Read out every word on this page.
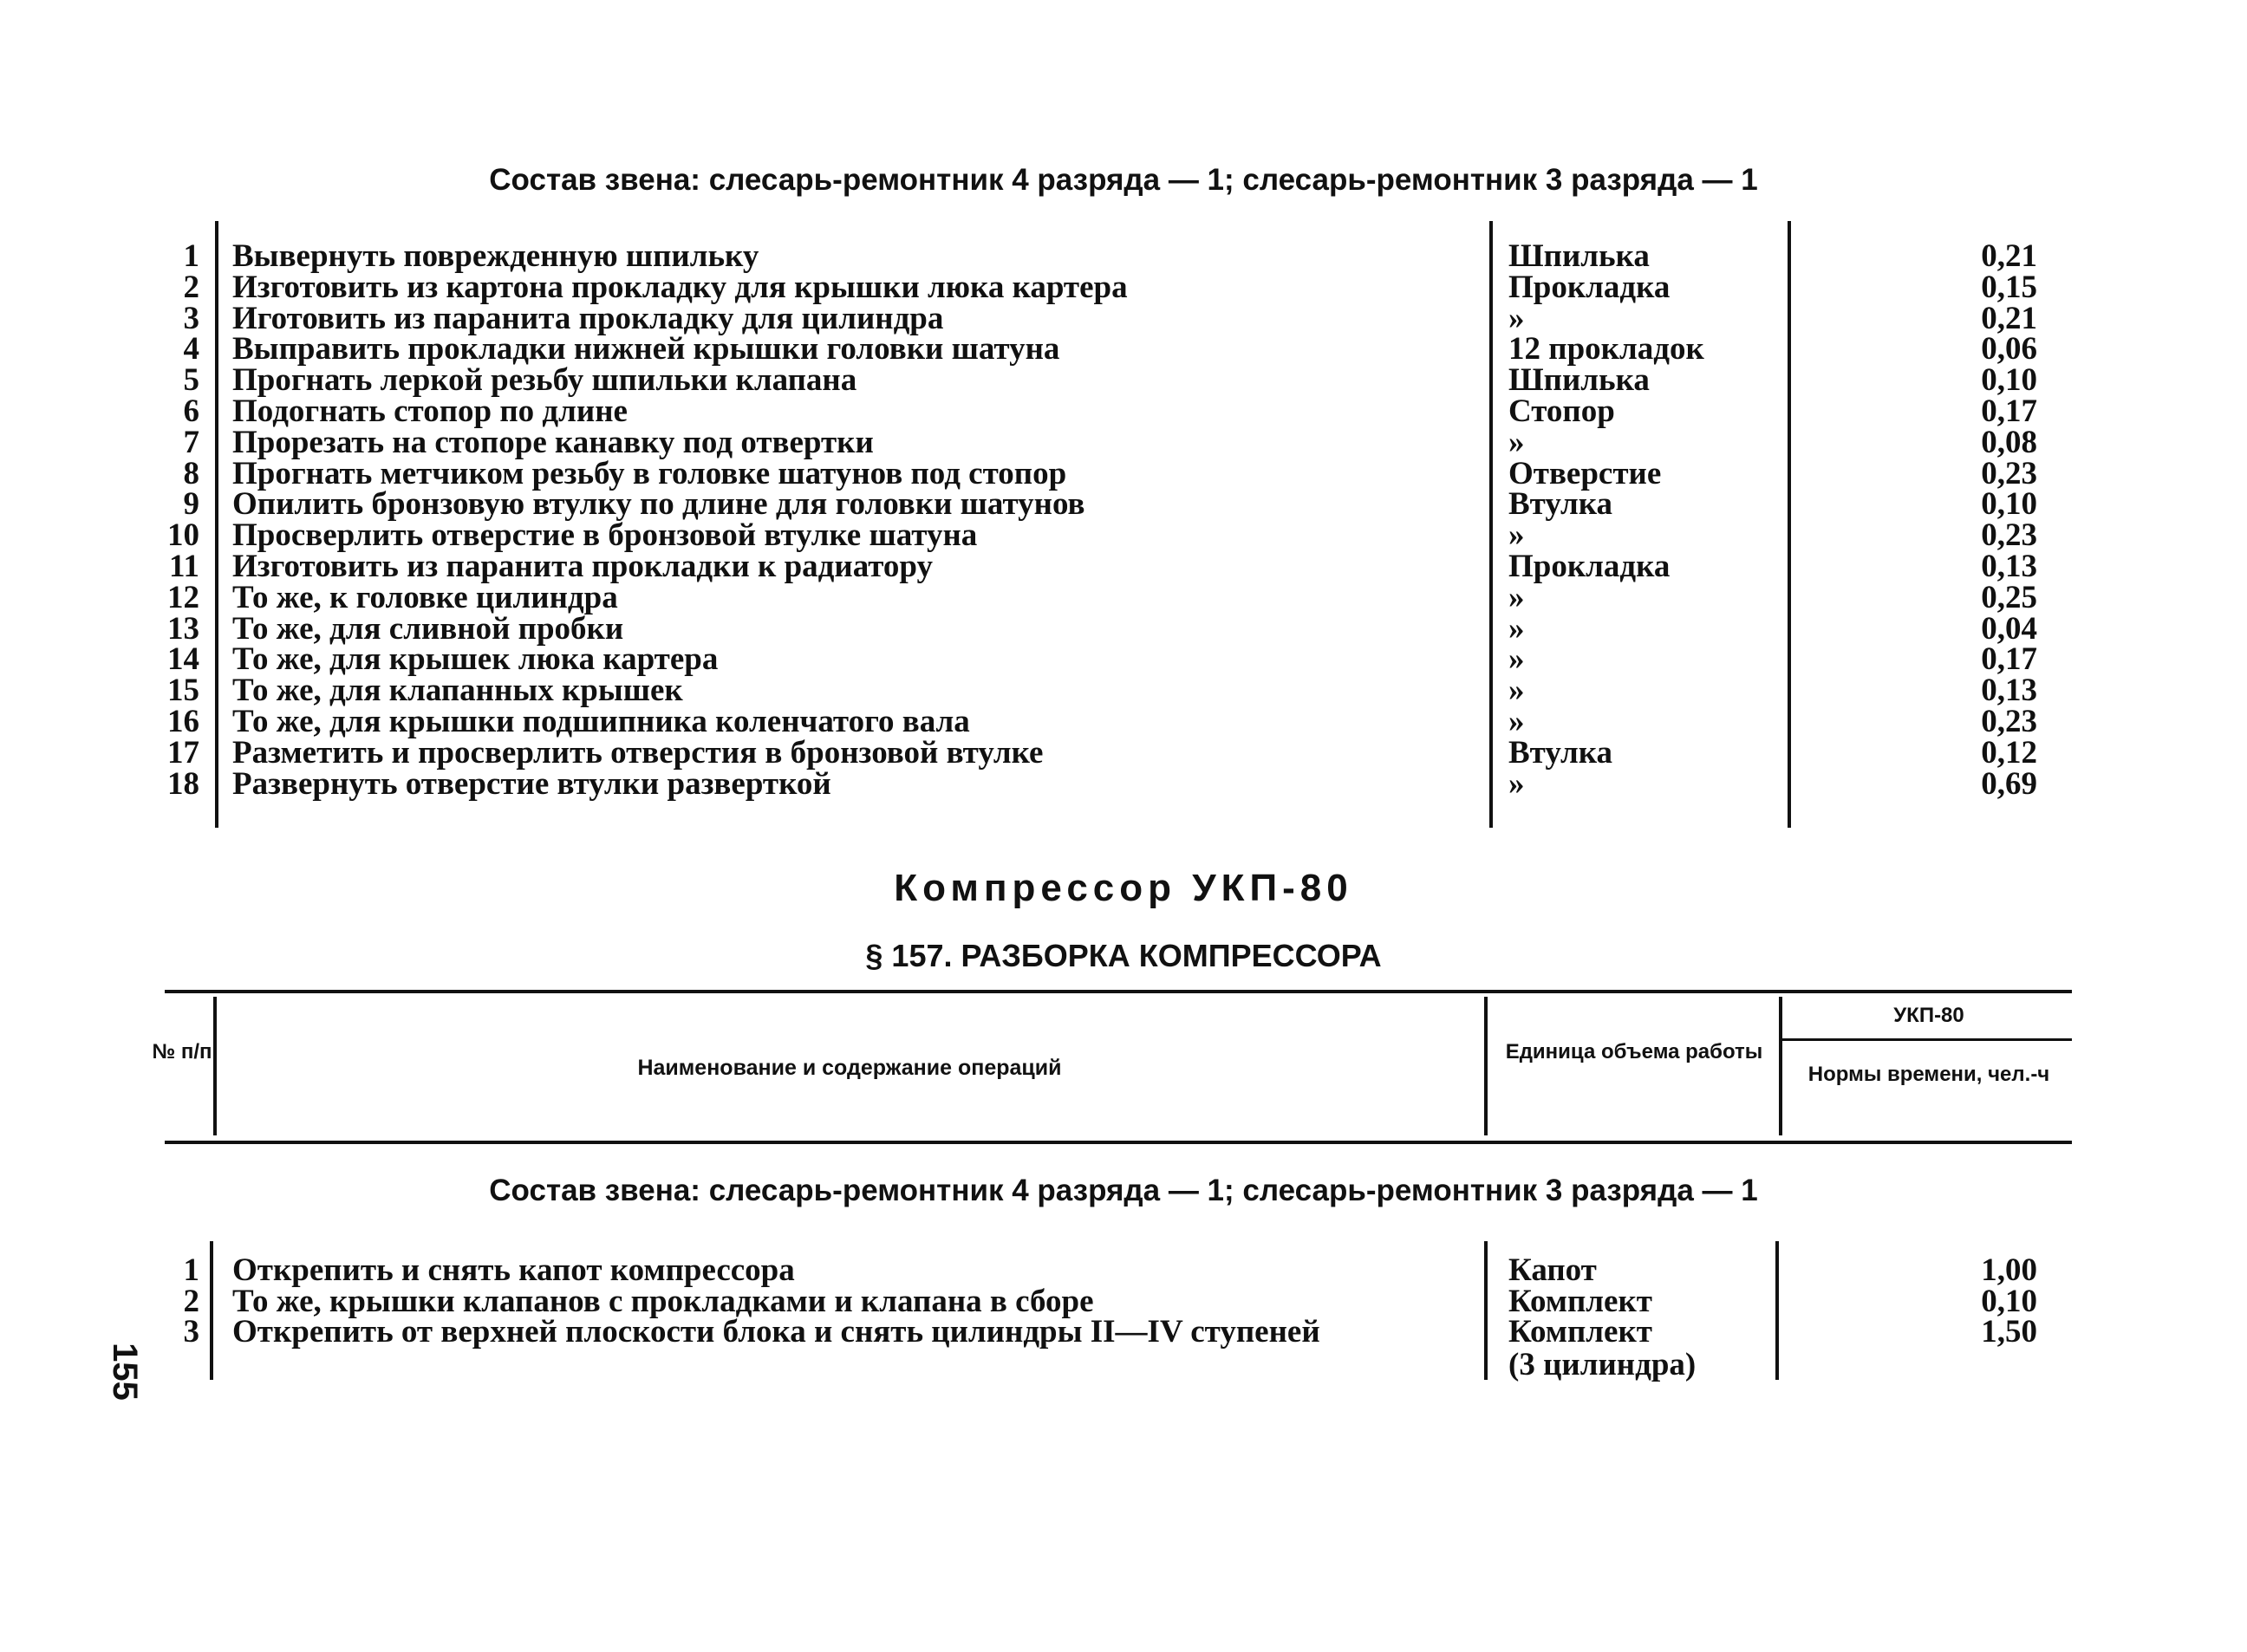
Состав звена: слесарь-ремонтник 4 разряда — 1; слесарь-ремонтник 3 разряда — 1
1 Вывернуть поврежденную шпильку	Шпилька	0,21
2 Изготовить из картона прокладку для крышки люка картера	Прокладка	0,15
3 Иготовить из паранита прокладку для цилиндра	»	0,21
4 Выправить прокладки нижней крышки головки шатуна	12 прокладок	0,06
5 Прогнать леркой резьбу шпильки клапана	Шпилька	0,10
6 Подогнать стопор по длине	Стопор	0,17
7 Прорезать на стопоре канавку под отвертки	»	0,08
8 Прогнать метчиком резьбу в головке шатунов под стопор	Отверстие	0,23
9 Опилить бронзовую втулку по длине для головки шатунов	Втулка	0,10
10 Просверлить отверстие в бронзовой втулке шатуна	»	0,23
11 Изготовить из паранита прокладки к радиатору	Прокладка	0,13
12 То же, к головке цилиндра	»	0,25
13 То же, для сливной пробки	»	0,04
14 То же, для крышек люка картера	»	0,17
15 То же, для клапанных крышек	»	0,13
16 То же, для крышки подшипника коленчатого вала	»	0,23
17 Разметить и просверлить отверстия в бронзовой втулке	Втулка	0,12
18 Развернуть отверстие втулки разверткой	»	0,69
Компрессор УКП-80
§ 157. РАЗБОРКА КОМПРЕССОРА
№ п/п
Наименование и содержание операций
Единица объема работы
УКП-80
Нормы времени, чел.-ч
Состав звена: слесарь-ремонтник 4 разряда — 1; слесарь-ремонтник 3 разряда — 1
1 Открепить и снять капот компрессора	Капот	1,00
2 То же, крышки клапанов с прокладками и клапана в сборе	Комплект	0,10
3 Открепить от верхней плоскости блока и снять цилиндры II—IV ступеней	Комплект	1,50
(3 цилиндра)
155
